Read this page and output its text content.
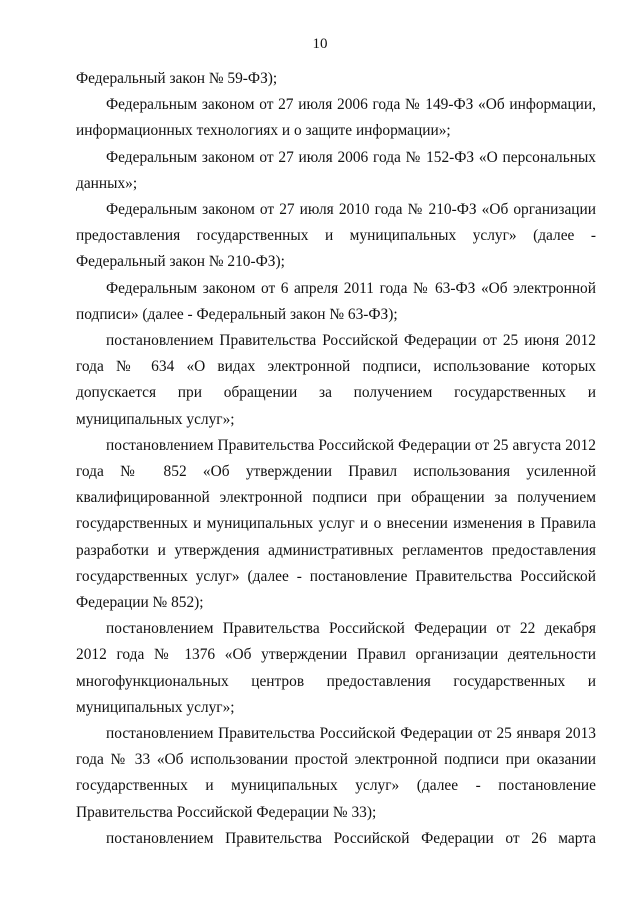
10

Федеральный закон № 59-ФЗ);

Федеральным законом от 27 июля 2006 года № 149-ФЗ «Об информации, информационных технологиях и о защите информации»;

Федеральным законом от 27 июля 2006 года № 152-ФЗ «О персональных данных»;

Федеральным законом от 27 июля 2010 года № 210-ФЗ «Об организации предоставления государственных и муниципальных услуг» (далее - Федеральный закон № 210-ФЗ);

Федеральным законом от 6 апреля 2011 года № 63-ФЗ «Об электронной подписи» (далее - Федеральный закон № 63-ФЗ);

постановлением Правительства Российской Федерации от 25 июня 2012 года № 634 «О видах электронной подписи, использование которых допускается при обращении за получением государственных и муниципальных услуг»;

постановлением Правительства Российской Федерации от 25 августа 2012 года № 852 «Об утверждении Правил использования усиленной квалифицированной электронной подписи при обращении за получением государственных и муниципальных услуг и о внесении изменения в Правила разработки и утверждения административных регламентов предоставления государственных услуг» (далее - постановление Правительства Российской Федерации № 852);

постановлением Правительства Российской Федерации от 22 декабря 2012 года № 1376 «Об утверждении Правил организации деятельности многофункциональных центров предоставления государственных и муниципальных услуг»;

постановлением Правительства Российской Федерации от 25 января 2013 года № 33 «Об использовании простой электронной подписи при оказании государственных и муниципальных услуг» (далее - постановление Правительства Российской Федерации № 33);

постановлением Правительства Российской Федерации от 26 марта
